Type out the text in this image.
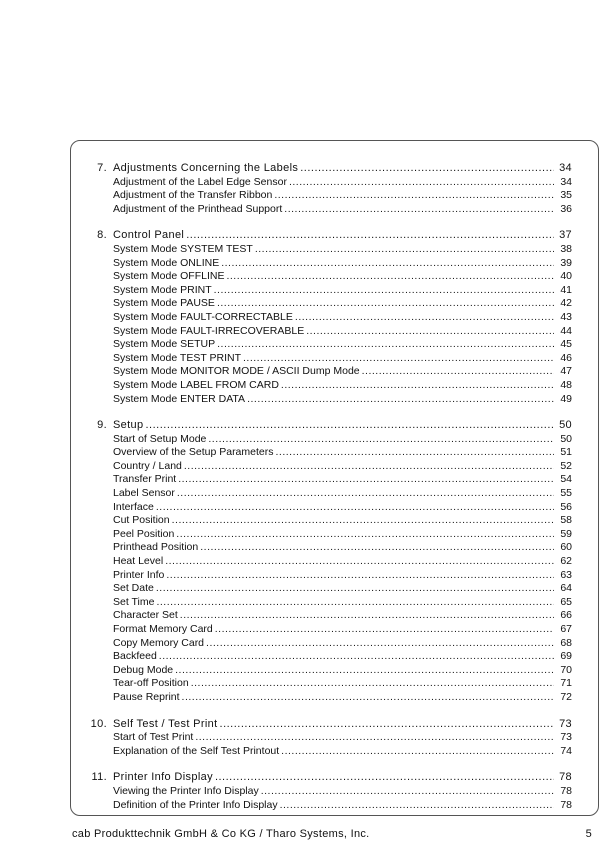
7. Adjustments Concerning the Labels .....	34
Adjustment of the Label Edge Sensor .....	34
Adjustment of the Transfer Ribbon .....	35
Adjustment of the Printhead Support .....	36
8. Control Panel .....	37
System Mode SYSTEM TEST .....	38
System Mode ONLINE .....	39
System Mode OFFLINE .....	40
System Mode PRINT .....	41
System Mode PAUSE .....	42
System Mode FAULT-CORRECTABLE .....	43
System Mode FAULT-IRRECOVERABLE .....	44
System Mode SETUP .....	45
System Mode TEST PRINT .....	46
System Mode MONITOR MODE / ASCII Dump Mode .....	47
System Mode LABEL FROM CARD .....	48
System Mode ENTER DATA .....	49
9. Setup .....	50
Start of Setup Mode .....	50
Overview of the Setup Parameters .....	51
Country / Land .....	52
Transfer Print .....	54
Label Sensor .....	55
Interface .....	56
Cut Position .....	58
Peel Position .....	59
Printhead Position .....	60
Heat Level .....	62
Printer Info .....	63
Set Date .....	64
Set Time .....	65
Character Set .....	66
Format Memory Card .....	67
Copy Memory Card .....	68
Backfeed .....	69
Debug Mode .....	70
Tear-off Position .....	71
Pause Reprint .....	72
10. Self Test / Test Print .....	73
Start of Test Print .....	73
Explanation of the Self Test Printout .....	74
11. Printer Info Display .....	78
Viewing the Printer Info Display .....	78
Definition of the Printer Info Display .....	78
cab Produkttechnik GmbH & Co KG / Tharo Systems, Inc.	5
